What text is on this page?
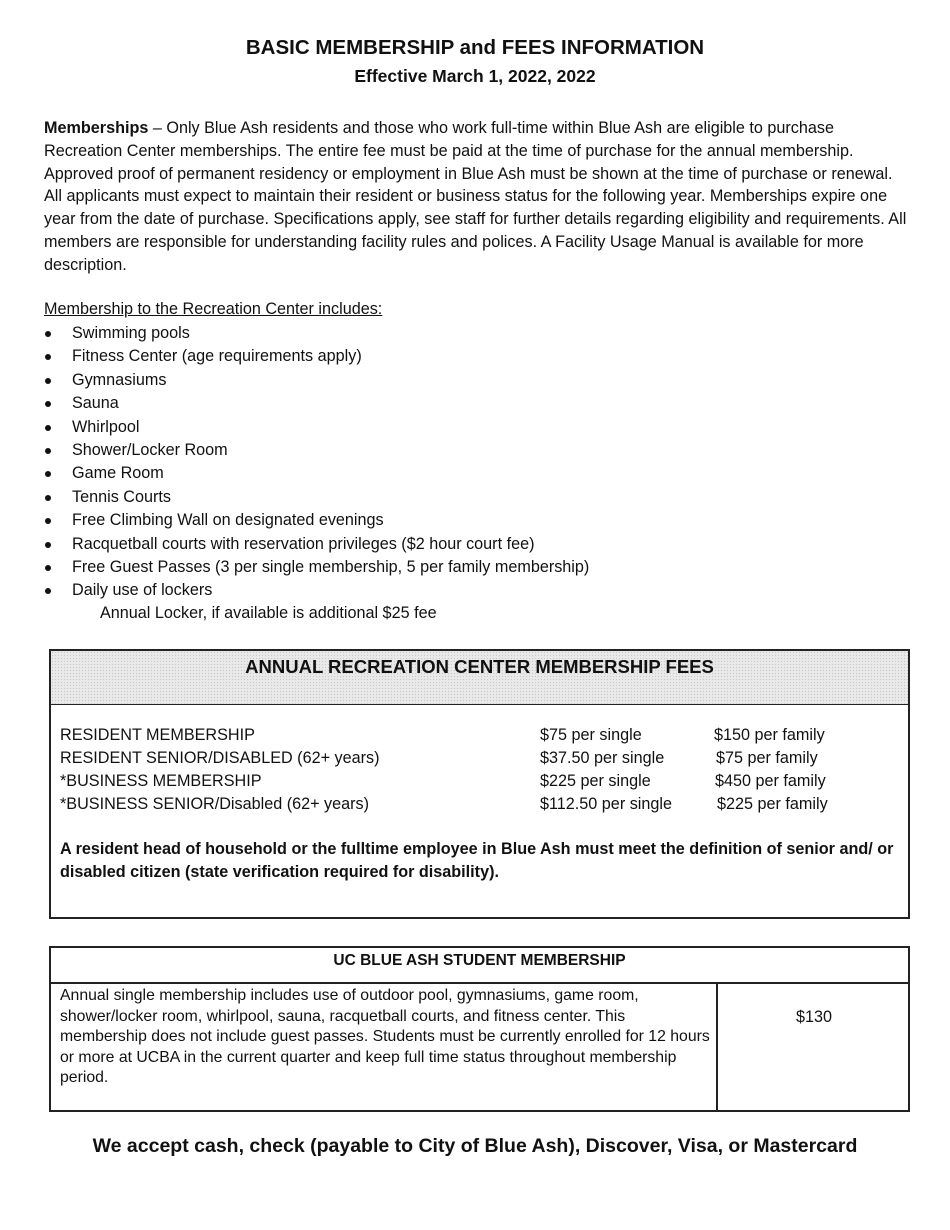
BASIC MEMBERSHIP and FEES INFORMATION
Effective March 1, 2022, 2022

Memberships – Only Blue Ash residents and those who work full-time within Blue Ash are eligible to purchase Recreation Center memberships. The entire fee must be paid at the time of purchase for the annual membership. Approved proof of permanent residency or employment in Blue Ash must be shown at the time of purchase or renewal. All applicants must expect to maintain their resident or business status for the following year. Memberships expire one year from the date of purchase. Specifications apply, see staff for further details regarding eligibility and requirements. All members are responsible for understanding facility rules and polices. A Facility Usage Manual is available for more description.

Membership to the Recreation Center includes:
Swimming pools
Fitness Center (age requirements apply)
Gymnasiums
Sauna
Whirlpool
Shower/Locker Room
Game Room
Tennis Courts
Free Climbing Wall on designated evenings
Racquetball courts with reservation privileges ($2 hour court fee)
Free Guest Passes (3 per single membership, 5 per family membership)
Daily use of lockers
Annual Locker, if available is additional $25 fee
ANNUAL RECREATION CENTER MEMBERSHIP FEES
RESIDENT MEMBERSHIP	$75 per single	$150 per family
RESIDENT SENIOR/DISABLED (62+ years)	$37.50 per single	$75 per family
*BUSINESS MEMBERSHIP	$225 per single	$450 per family
*BUSINESS SENIOR/Disabled (62+ years)	$112.50 per single	$225 per family
A resident head of household or the fulltime employee in Blue Ash must meet the definition of senior and/ or disabled citizen (state verification required for disability).
UC BLUE ASH STUDENT MEMBERSHIP
Annual single membership includes use of outdoor pool, gymnasiums, game room, shower/locker room, whirlpool, sauna, racquetball courts, and fitness center. This membership does not include guest passes. Students must be currently enrolled for 12 hours or more at UCBA in the current quarter and keep full time status throughout membership period.
$130
We accept cash, check (payable to City of Blue Ash), Discover, Visa, or Mastercard
